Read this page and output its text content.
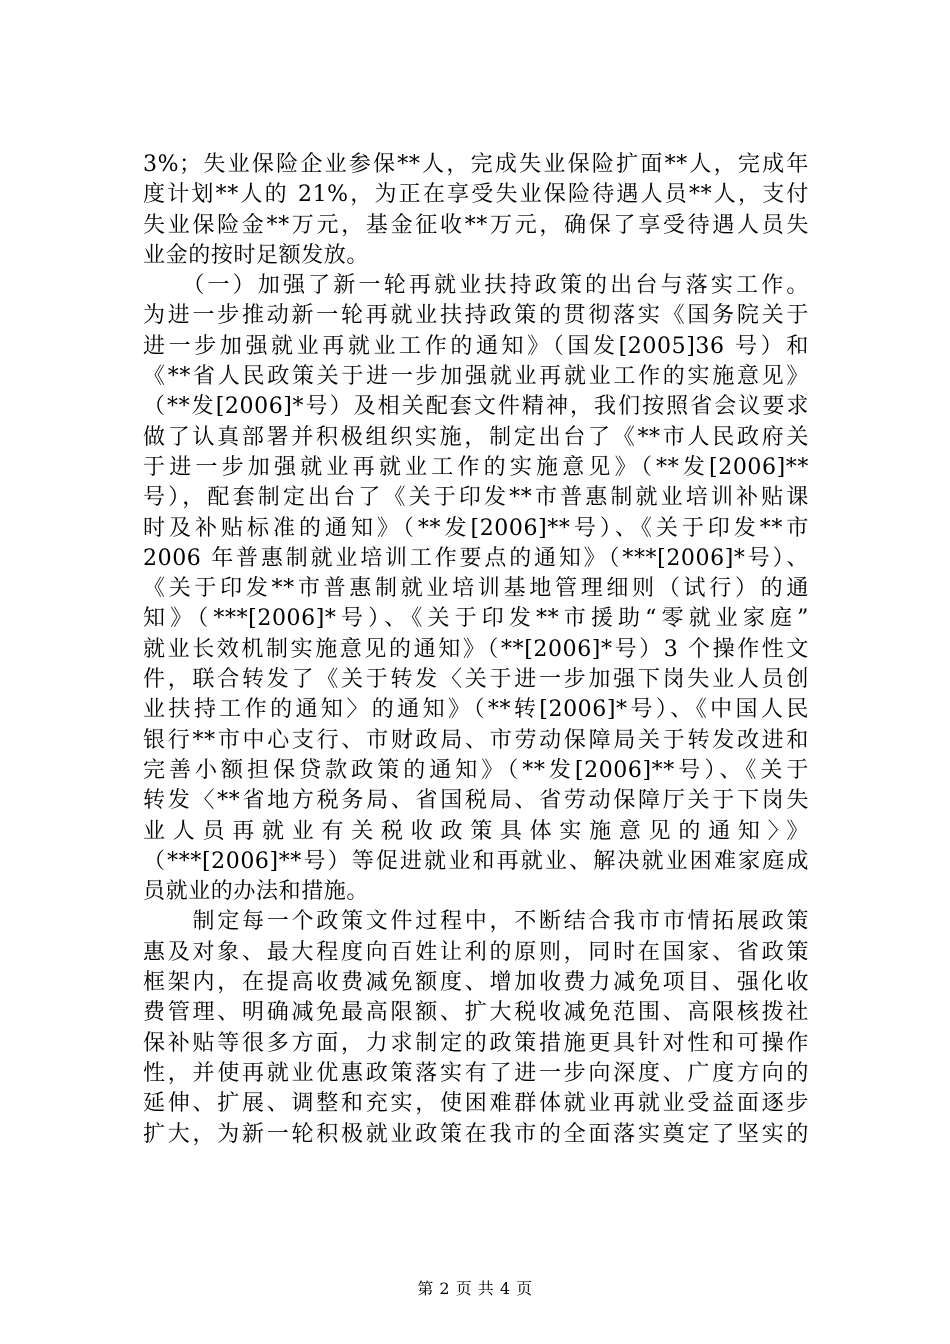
3%；失业保险企业参保**人，完成失业保险扩面**人，完成年
度计划**人的 21%，为正在享受失业保险待遇人员**人，支付
失业保险金**万元，基金征收**万元，确保了享受待遇人员失
业金的按时足额发放。
　　（一）加强了新一轮再就业扶持政策的出台与落实工作。
为进一步推动新一轮再就业扶持政策的贯彻落实《国务院关于
进一步加强就业再就业工作的通知》（国发[2005]36 号）和
《**省人民政策关于进一步加强就业再就业工作的实施意见》
（**发[2006]*号）及相关配套文件精神，我们按照省会议要求
做了认真部署并积极组织实施，制定出台了《**市人民政府关
于进一步加强就业再就业工作的实施意见》（**发[2006]**
号），配套制定出台了《关于印发**市普惠制就业培训补贴课
时及补贴标准的通知》（**发[2006]**号）、《关于印发**市
2006 年普惠制就业培训工作要点的通知》（***[2006]*号）、
《关于印发**市普惠制就业培训基地管理细则（试行）的通
知》（***[2006]*号）、《关于印发**市援助“零就业家庭”
就业长效机制实施意见的通知》（**[2006]*号）3 个操作性文
件，联合转发了《关于转发〈关于进一步加强下岗失业人员创
业扶持工作的通知〉的通知》（**转[2006]*号）、《中国人民
银行**市中心支行、市财政局、市劳动保障局关于转发改进和
完善小额担保贷款政策的通知》（**发[2006]**号）、《关于
转发〈**省地方税务局、省国税局、省劳动保障厅关于下岗失
业人员再就业有关税收政策具体实施意见的通知〉》
（***[2006]**号）等促进就业和再就业、解决就业困难家庭成
员就业的办法和措施。
　　制定每一个政策文件过程中，不断结合我市市情拓展政策
惠及对象、最大程度向百姓让利的原则，同时在国家、省政策
框架内，在提高收费减免额度、增加收费力减免项目、强化收
费管理、明确减免最高限额、扩大税收减免范围、高限核拨社
保补贴等很多方面，力求制定的政策措施更具针对性和可操作
性，并使再就业优惠政策落实有了进一步向深度、广度方向的
延伸、扩展、调整和充实，使困难群体就业再就业受益面逐步
扩大，为新一轮积极就业政策在我市的全面落实奠定了坚实的
第 2 页 共 4 页
